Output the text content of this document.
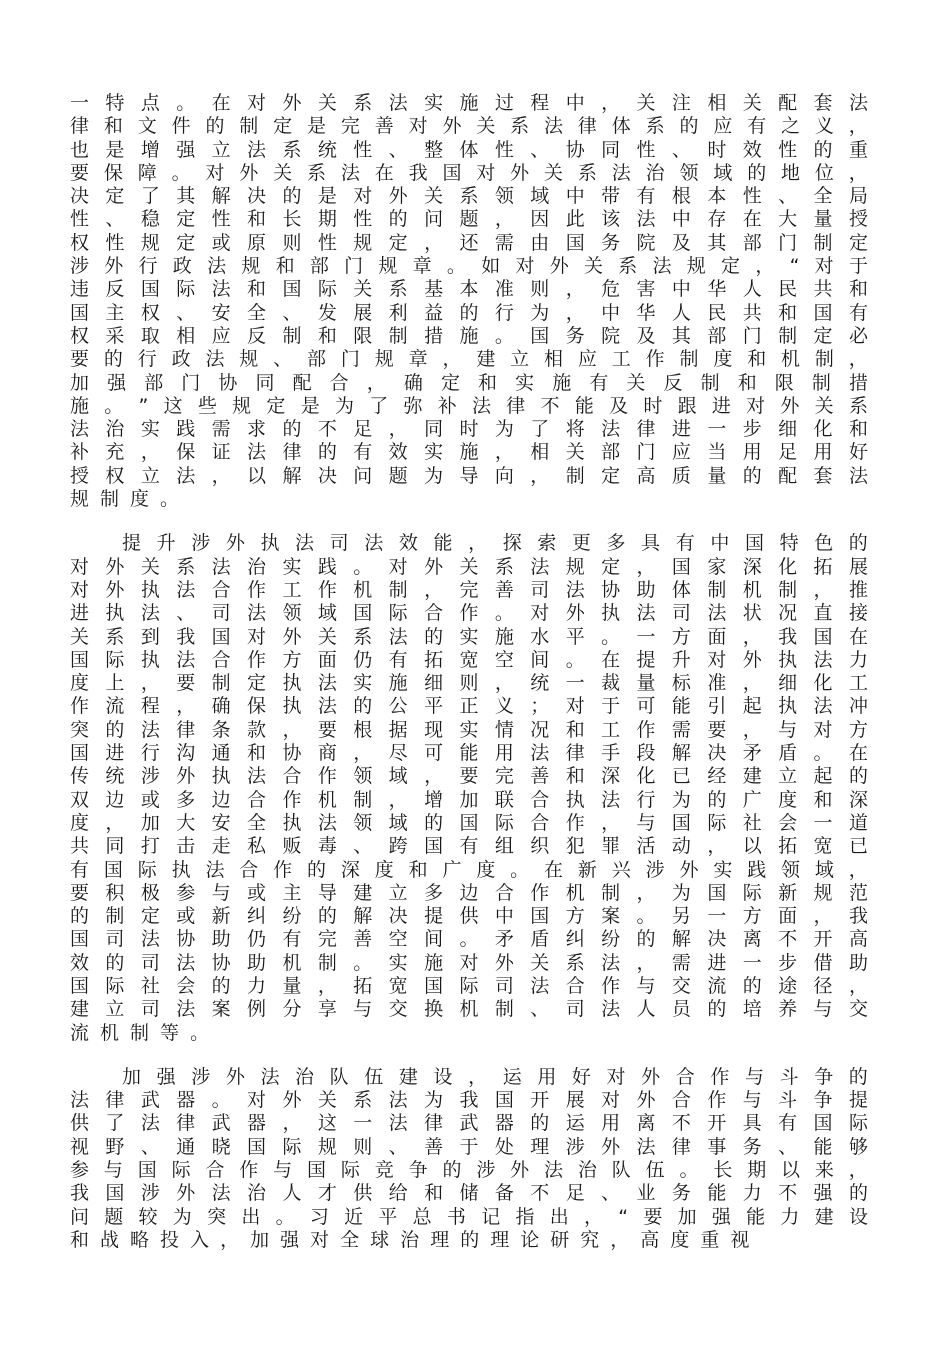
一 特 点 。 在 对 外 关 系 法 实 施 过 程 中 ， 关 注 相 关 配 套 法
律 和 文 件 的 制 定 是 完 善 对 外 关 系 法 律 体 系 的 应 有 之 义 ，
也 是 增 强 立 法 系 统 性 、 整 体 性 、 协 同 性 、 时 效 性 的 重
要 保 障 。 对 外 关 系 法 在 我 国 对 外 关 系 法 治 领 域 的 地 位 ，
决 定 了 其 解 决 的 是 对 外 关 系 领 域 中 带 有 根 本 性 、 全 局
性 、 稳 定 性 和 长 期 性 的 问 题 ， 因 此 该 法 中 存 在 大 量 授
权 性 规 定 或 原 则 性 规 定 ， 还 需 由 国 务 院 及 其 部 门 制 定
涉 外 行 政 法 规 和 部 门 规 章 。 如 对 外 关 系 法 规 定 ， “ 对 于
违 反 国 际 法 和 国 际 关 系 基 本 准 则 ， 危 害 中 华 人 民 共 和
国 主 权 、 安 全 、 发 展 利 益 的 行 为 ， 中 华 人 民 共 和 国 有
权 采 取 相 应 反 制 和 限 制 措 施 。 国 务 院 及 其 部 门 制 定 必
要 的 行 政 法 规 、 部 门 规 章 ， 建 立 相 应 工 作 制 度 和 机 制 ，
加 强 部 门 协 同 配 合 ， 确 定 和 实 施 有 关 反 制 和 限 制 措
施 。 ” 这 些 规 定 是 为 了 弥 补 法 律 不 能 及 时 跟 进 对 外 关 系
法 治 实 践 需 求 的 不 足 ， 同 时 为 了 将 法 律 进 一 步 细 化 和
补 充 ， 保 证 法 律 的 有 效 实 施 ， 相 关 部 门 应 当 用 足 用 好
授 权 立 法 ， 以 解 决 问 题 为 导 向 ， 制 定 高 质 量 的 配 套 法
规 制 度 。
提 升 涉 外 执 法 司 法 效 能 ， 探 索 更 多 具 有 中 国 特 色 的
对 外 关 系 法 治 实 践 。 对 外 关 系 法 规 定 ， 国 家 深 化 拓 展
对 外 执 法 合 作 工 作 机 制 ， 完 善 司 法 协 助 体 制 机 制 ， 推
进 执 法 、 司 法 领 域 国 际 合 作 。 对 外 执 法 司 法 状 况 直 接
关 系 到 我 国 对 外 关 系 法 的 实 施 水 平 。 一 方 面 ， 我 国 在
国 际 执 法 合 作 方 面 仍 有 拓 宽 空 间 。 在 提 升 对 外 执 法 力
度 上 ， 要 制 定 执 法 实 施 细 则 ， 统 一 裁 量 标 准 ， 细 化 工
作 流 程 ， 确 保 执 法 的 公 平 正 义 ； 对 于 可 能 引 起 执 法 冲
突 的 法 律 条 款 ， 要 根 据 现 实 情 况 和 工 作 需 要 ， 与 对 方
国 进 行 沟 通 和 协 商 ， 尽 可 能 用 法 律 手 段 解 决 矛 盾 。 在
传 统 涉 外 执 法 合 作 领 域 ， 要 完 善 和 深 化 已 经 建 立 起 的
双 边 或 多 边 合 作 机 制 ， 增 加 联 合 执 法 行 为 的 广 度 和 深
度 ， 加 大 安 全 执 法 领 域 的 国 际 合 作 ， 与 国 际 社 会 一 道
共 同 打 击 走 私 贩 毒 、 跨 国 有 组 织 犯 罪 活 动 ， 以 拓 宽 已
有 国 际 执 法 合 作 的 深 度 和 广 度 。 在 新 兴 涉 外 实 践 领 域 ，
要 积 极 参 与 或 主 导 建 立 多 边 合 作 机 制 ， 为 国 际 新 规 范
的 制 定 或 新 纠 纷 的 解 决 提 供 中 国 方 案 。 另 一 方 面 ， 我
国 司 法 协 助 仍 有 完 善 空 间 。 矛 盾 纠 纷 的 解 决 离 不 开 高
效 的 司 法 协 助 机 制 。 实 施 对 外 关 系 法 ， 需 进 一 步 借 助
国 际 社 会 的 力 量 ， 拓 宽 国 际 司 法 合 作 与 交 流 的 途 径 ，
建 立 司 法 案 例 分 享 与 交 换 机 制 、 司 法 人 员 的 培 养 与 交
流 机 制 等 。
加 强 涉 外 法 治 队 伍 建 设 ， 运 用 好 对 外 合 作 与 斗 争 的
法 律 武 器 。 对 外 关 系 法 为 我 国 开 展 对 外 合 作 与 斗 争 提
供 了 法 律 武 器 ， 这 一 法 律 武 器 的 运 用 离 不 开 具 有 国 际
视 野 、 通 晓 国 际 规 则 、 善 于 处 理 涉 外 法 律 事 务 、 能 够
参 与 国 际 合 作 与 国 际 竞 争 的 涉 外 法 治 队 伍 。 长 期 以 来 ，
我 国 涉 外 法 治 人 才 供 给 和 储 备 不 足 、 业 务 能 力 不 强 的
问 题 较 为 突 出 。 习 近 平 总 书 记 指 出 ， “ 要 加 强 能 力 建 设
和 战 略 投 入 ， 加 强 对 全 球 治 理 的 理 论 研 究 ， 高 度 重 视
